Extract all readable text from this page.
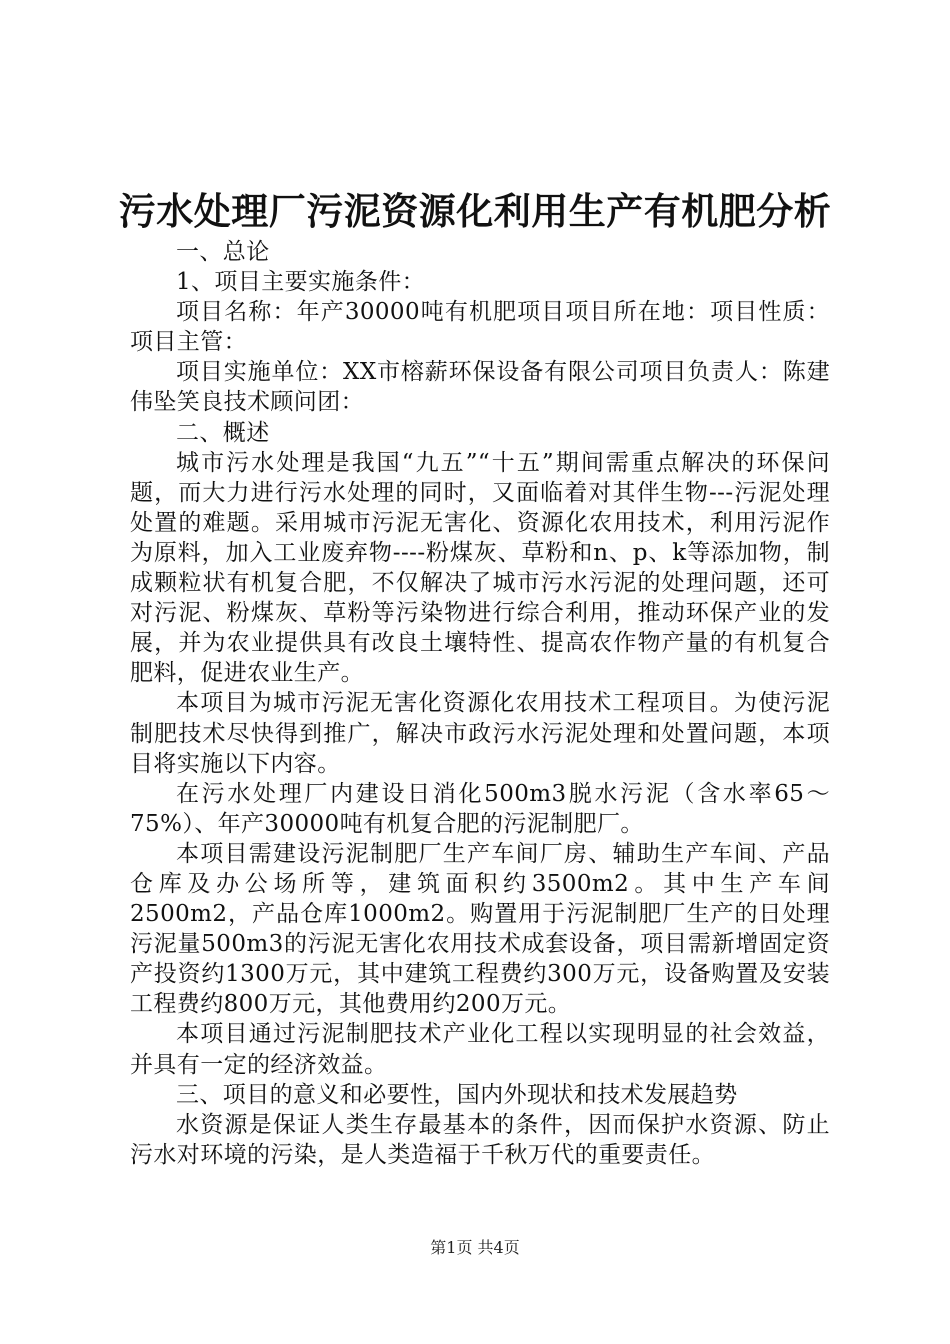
污水处理厂污泥资源化利用生产有机肥分析

一、总论

1、项目主要实施条件：

项目名称：年产30000吨有机肥项目项目所在地：项目性质：项目主管：

项目实施单位：XX市榕薪环保设备有限公司项目负责人：陈建伟坠笑良技术顾问团：

二、概述

城市污水处理是我国“九五”“十五”期间需重点解决的环保问题，而大力进行污水处理的同时，又面临着对其伴生物---污泥处理处置的难题。采用城市污泥无害化、资源化农用技术，利用污泥作为原料，加入工业废弃物----粉煤灰、草粉和n、p、k等添加物，制成颗粒状有机复合肥，不仅解决了城市污水污泥的处理问题，还可对污泥、粉煤灰、草粉等污染物进行综合利用，推动环保产业的发展，并为农业提供具有改良土壤特性、提高农作物产量的有机复合肥料，促进农业生产。

本项目为城市污泥无害化资源化农用技术工程项目。为使污泥制肥技术尽快得到推广，解决市政污水污泥处理和处置问题，本项目将实施以下内容。

在污水处理厂内建设日消化500m3脱水污泥（含水率65～75%）、年产30000吨有机复合肥的污泥制肥厂。

本项目需建设污泥制肥厂生产车间厂房、辅助生产车间、产品仓库及办公场所等，建筑面积约3500m2。其中生产车间2500m2，产品仓库1000m2。购置用于污泥制肥厂生产的日处理污泥量500m3的污泥无害化农用技术成套设备，项目需新增固定资产投资约1300万元，其中建筑工程费约300万元，设备购置及安装工程费约800万元，其他费用约200万元。

本项目通过污泥制肥技术产业化工程以实现明显的社会效益，并具有一定的经济效益。

三、项目的意义和必要性，国内外现状和技术发展趋势

水资源是保证人类生存最基本的条件，因而保护水资源、防止污水对环境的污染，是人类造福于千秋万代的重要责任。

第1页 共4页
